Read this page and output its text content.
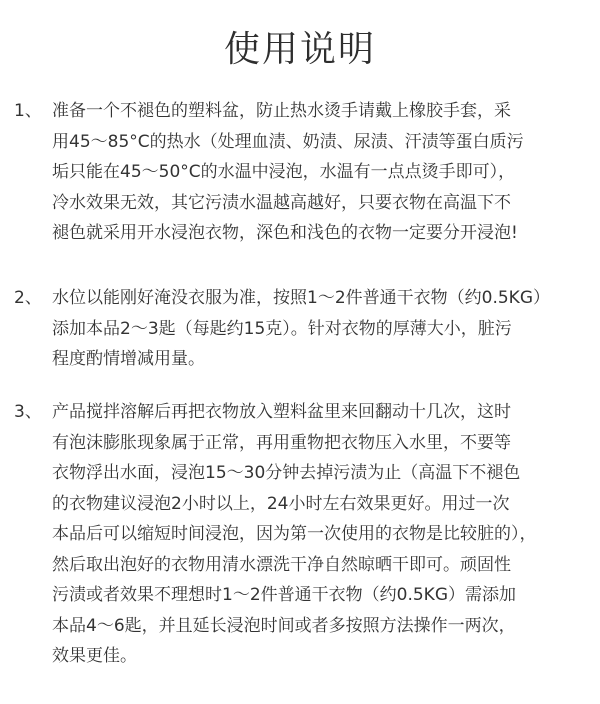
使用说明
1、 准备一个不褪色的塑料盆，防止热水烫手请戴上橡胶手套，采
用45～85°C的热水（处理血渍、奶渍、尿渍、汗渍等蛋白质污
垢只能在45～50°C的水温中浸泡，水温有一点点烫手即可），
冷水效果无效，其它污渍水温越高越好，只要衣物在高温下不
褪色就采用开水浸泡衣物，深色和浅色的衣物一定要分开浸泡!
2、 水位以能刚好淹没衣服为准，按照1～2件普通干衣物（约0.5KG）
添加本品2～3匙（每匙约15克）。针对衣物的厚薄大小，脏污
程度酌情增减用量。
3、 产品搅拌溶解后再把衣物放入塑料盆里来回翻动十几次，这时
有泡沫膨胀现象属于正常，再用重物把衣物压入水里，不要等
衣物浮出水面，浸泡15～30分钟去掉污渍为止（高温下不褪色
的衣物建议浸泡2小时以上，24小时左右效果更好。用过一次
本品后可以缩短时间浸泡，因为第一次使用的衣物是比较脏的），
然后取出泡好的衣物用清水漂洗干净自然晾晒干即可。顽固性
污渍或者效果不理想时1～2件普通干衣物（约0.5KG）需添加
本品4～6匙，并且延长浸泡时间或者多按照方法操作一两次，
效果更佳。
